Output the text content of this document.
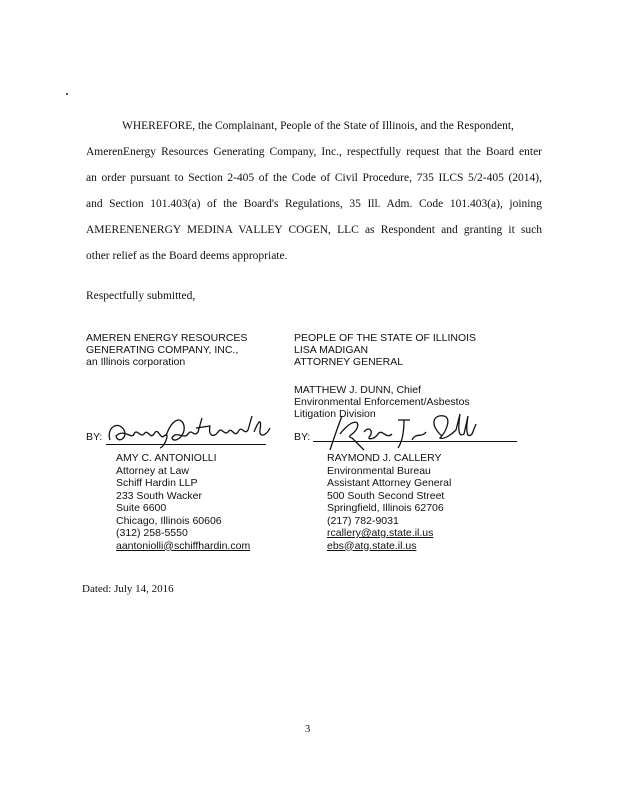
WHEREFORE, the Complainant, People of the State of Illinois, and the Respondent,
AmerenEnergy Resources Generating Company, Inc., respectfully request that the Board enter
an order pursuant to Section 2-405 of the Code of Civil Procedure, 735 ILCS 5/2-405 (2014),
and Section 101.403(a) of the Board's Regulations, 35 Ill. Adm. Code 101.403(a), joining
AMERENENERGY MEDINA VALLEY COGEN, LLC as Respondent and granting it such
other relief as the Board deems appropriate.
Respectfully submitted,
AMEREN ENERGY RESOURCES
GENERATING COMPANY, INC.,
an Illinois corporation
PEOPLE OF THE STATE OF ILLINOIS
LISA MADIGAN
ATTORNEY GENERAL
MATTHEW J. DUNN, Chief
Environmental Enforcement/Asbestos
Litigation Division
BY:	BY:
AMY C. ANTONIOLLI
Attorney at Law
Schiff Hardin LLP
233 South Wacker
Suite 6600
Chicago, Illinois 60606
(312) 258-5550
aantoniolli@schiffhardin.com
RAYMOND J. CALLERY
Environmental Bureau
Assistant Attorney General
500 South Second Street
Springfield, Illinois 62706
(217) 782-9031
rcallery@atg.state.il.us
ebs@atg.state.il.us
Dated: July 14, 2016
3
